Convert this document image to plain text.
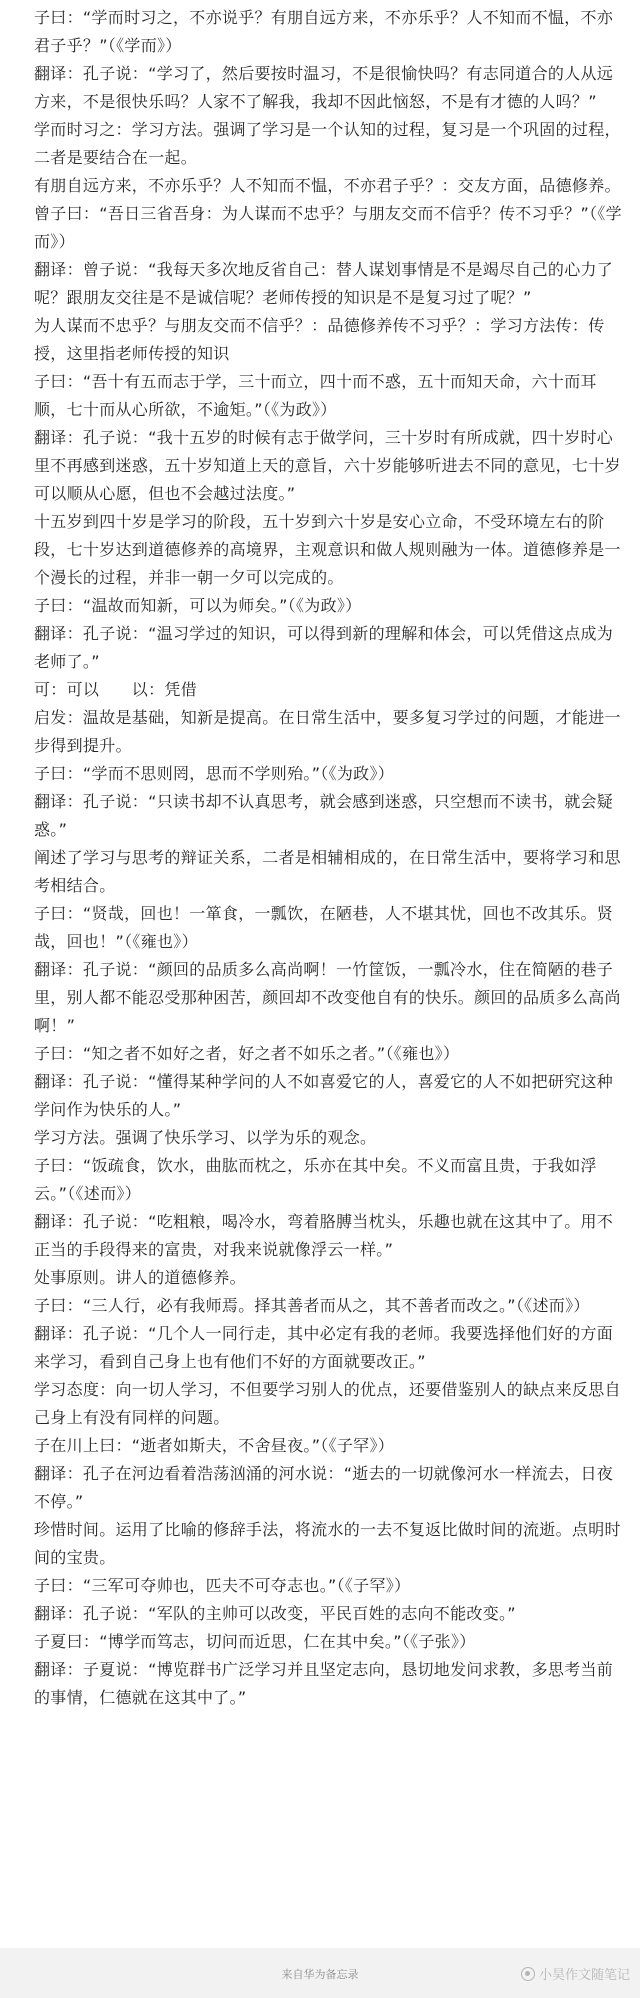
子曰：“学而时习之，不亦说乎？有朋自远方来，不亦乐乎？人不知而不愠，不亦君子乎？”（《学而》）

翻译：孔子说：“学习了，然后要按时温习，不是很愉快吗？有志同道合的人从远方来，不是很快乐吗？人家不了解我，我却不因此恼怒，不是有才德的人吗？”

学而时习之：学习方法。强调了学习是一个认知的过程，复习是一个巩固的过程，二者是要结合在一起。

有朋自远方来，不亦乐乎？人不知而不愠，不亦君子乎？：交友方面，品德修养。

曾子曰：“吾日三省吾身：为人谋而不忠乎？与朋友交而不信乎？传不习乎？”（《学而》）

翻译：曾子说：“我每天多次地反省自己：替人谋划事情是不是竭尽自己的心力了呢？跟朋友交往是不是诚信呢？老师传授的知识是不是复习过了呢？”

为人谋而不忠乎？与朋友交而不信乎？：品德修养传不习乎？：学习方法传：传授，这里指老师传授的知识

子曰：“吾十有五而志于学，三十而立，四十而不惑，五十而知天命，六十而耳顺，七十而从心所欲，不逾矩。”（《为政》）

翻译：孔子说：“我十五岁的时候有志于做学问，三十岁时有所成就，四十岁时心里不再感到迷惑，五十岁知道上天的意旨，六十岁能够听进去不同的意见，七十岁可以顺从心愿，但也不会越过法度。”

十五岁到四十岁是学习的阶段，五十岁到六十岁是安心立命，不受环境左右的阶段，七十岁达到道德修养的高境界，主观意识和做人规则融为一体。道德修养是一个漫长的过程，并非一朝一夕可以完成的。

子曰：“温故而知新，可以为师矣。”（《为政》）

翻译：孔子说：“温习学过的知识，可以得到新的理解和体会，可以凭借这点成为老师了。”

可：可以　　以：凭借

启发：温故是基础，知新是提高。在日常生活中，要多复习学过的问题，才能进一步得到提升。

子曰：“学而不思则罔，思而不学则殆。”（《为政》）

翻译：孔子说：“只读书却不认真思考，就会感到迷惑，只空想而不读书，就会疑惑。”

阐述了学习与思考的辩证关系，二者是相辅相成的，在日常生活中，要将学习和思考相结合。

子曰：“贤哉，回也！一箪食，一瓢饮，在陋巷，人不堪其忧，回也不改其乐。贤哉，回也！”（《雍也》）

翻译：孔子说：“颜回的品质多么高尚啊！一竹筐饭，一瓢冷水，住在简陋的巷子里，别人都不能忍受那种困苦，颜回却不改变他自有的快乐。颜回的品质多么高尚啊！”

子曰：“知之者不如好之者，好之者不如乐之者。”（《雍也》）

翻译：孔子说：“懂得某种学问的人不如喜爱它的人，喜爱它的人不如把研究这种学问作为快乐的人。”

学习方法。强调了快乐学习、以学为乐的观念。

子曰：“饭疏食，饮水，曲肱而枕之，乐亦在其中矣。不义而富且贵，于我如浮云。”（《述而》）

翻译：孔子说：“吃粗粮，喝冷水，弯着胳膊当枕头，乐趣也就在这其中了。用不正当的手段得来的富贵，对我来说就像浮云一样。”

处事原则。讲人的道德修养。

子曰：“三人行，必有我师焉。择其善者而从之，其不善者而改之。”（《述而》）

翻译：孔子说：“几个人一同行走，其中必定有我的老师。我要选择他们好的方面来学习，看到自己身上也有他们不好的方面就要改正。”

学习态度：向一切人学习，不但要学习别人的优点，还要借鉴别人的缺点来反思自己身上有没有同样的问题。

子在川上曰：“逝者如斯夫，不舍昼夜。”（《子罕》）

翻译：孔子在河边看着浩荡汹涌的河水说：“逝去的一切就像河水一样流去，日夜不停。”

珍惜时间。运用了比喻的修辞手法，将流水的一去不复返比做时间的流逝。点明时间的宝贵。

子曰：“三军可夺帅也，匹夫不可夺志也。”（《子罕》）

翻译：孔子说：“军队的主帅可以改变，平民百姓的志向不能改变。”

子夏曰：“博学而笃志，切问而近思，仁在其中矣。”（《子张》）

翻译：子夏说：“博览群书广泛学习并且坚定志向，恳切地发问求教，多思考当前的事情，仁德就在这其中了。”

来自华为备忘录	小昊作文随笔记
